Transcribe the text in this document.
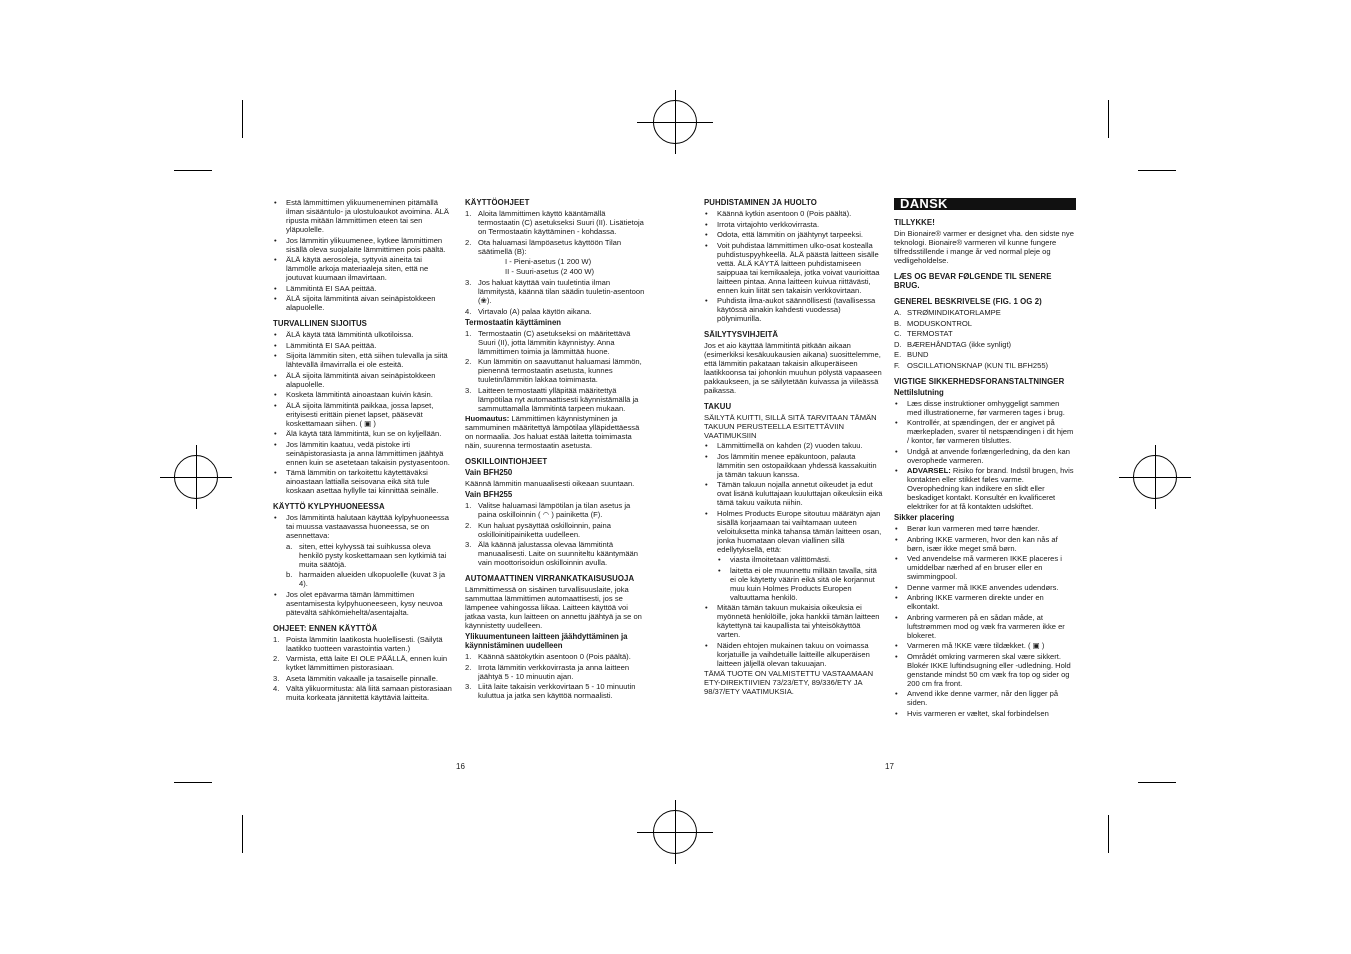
• Estä lämmittimen ylikuumeneminen pitämällä ilman sisääntulo- ja ulostuloaukot avoimina. ÄLÄ ripusta mitään lämmittimen eteen tai sen yläpuolelle.
• Jos lämmitin ylikuumenee, kytkee lämmittimen sisällä oleva suojalaite lämmittimen pois päältä.
• ÄLÄ käytä aerosoleja, syttyviä aineita tai lämmölle arkoja materiaaleja siten, että ne joutuvat kuumaan ilmavirtaan.
• Lämmitintä EI SAA peittää.
• ÄLÄ sijoita lämmitintä aivan seinäpistokkeen alapuolelle.
TURVALLINEN SIJOITUS
• ÄLÄ käytä tätä lämmitintä ulkotiloissa.
• Lämmitintä EI SAA peittää.
• Sijoita lämmitin siten, että siihen tulevalla ja siitä lähtevällä ilmavirralla ei ole esteitä.
• ÄLÄ sijoita lämmitintä aivan seinäpistokkeen alapuolelle.
• Kosketa lämmitintä ainoastaan kuivin käsin.
• ÄLÄ sijoita lämmitintä paikkaa, jossa lapset, erityisesti erittäin pienet lapset, pääsevät koskettamaan siihen. ( ▣ )
• Älä käytä tätä lämmitintä, kun se on kyljellään.
• Jos lämmitin kaatuu, vedä pistoke irti seinäpistorasiasta ja anna lämmittimen jäähtyä ennen kuin se asetetaan takaisin pystyasentoon.
• Tämä lämmitin on tarkoitettu käytettäväksi ainoastaan lattialla seisovana eikä sitä tule koskaan asettaa hyllylle tai kiinnittää seinälle.
KÄYTTÖ KYLPYHUONEESSA
• Jos lämmitintä halutaan käyttää kylpyhuoneessa tai muussa vastaavassa huoneessa, se on asennettava:
a. siten, ettei kylvyssä tai suihkussa oleva henkilö pysty koskettamaan sen kytkimiä tai muita säätöjä.
b. harmaiden alueiden ulkopuolelle (kuvat 3 ja 4).
• Jos olet epävarma tämän lämmittimen asentamisesta kylpyhuoneeseen, kysy neuvoa pätevältä sähkömieheltä/asentajalta.
OHJEET: ENNEN KÄYTTÖÄ
1. Poista lämmitin laatikosta huolellisesti. (Säilytä laatikko tuotteen varastointia varten.)
2. Varmista, että laite EI OLE PÄÄLLÄ, ennen kuin kytket lämmittimen pistorasiaan.
3. Aseta lämmitin vakaalle ja tasaiselle pinnalle.
4. Vältä ylikuormitusta: älä liitä samaan pistorasiaan muita korkeata jännitettä käyttäviä laitteita.
KÄYTTÖOHJEET
1. Aloita lämmittimen käyttö kääntämällä termostaatin (C) asetukseksi Suuri (II). Lisätietoja on Termostaatin käyttäminen - kohdassa.
2. Ota haluamasi lämpöasetus käyttöön Tilan säätimellä (B):

I - Pieni-asetus (1 200 W)

II - Suuri-asetus (2 400 W)

3. Jos haluat käyttää vain tuuletintia ilman lämmitystä, käännä tilan säädin tuuletin-asentoon (❀).
4. Virtavalo (A) palaa käytön aikana.
Termostaatin käyttäminen
1. Termostaatin (C) asetukseksi on määritettävä Suuri (II), jotta lämmitin käynnistyy. Anna lämmittimen toimia ja lämmittää huone.
2. Kun lämmitin on saavuttanut haluamasi lämmön, pienennä termostaatin asetusta, kunnes tuuletin/lämmitin lakkaa toimimasta.
3. Laitteen termostaatti ylläpitää määritettyä lämpötilaa nyt automaattisesti käynnistämällä ja sammuttamalla lämmitintä tarpeen mukaan.

Huomautus: Lämmittimen käynnistyminen ja sammuminen määritettyä lämpötilaa ylläpidettäessä on normaalia. Jos haluat estää laitetta toimimasta näin, suurenna termostaatin asetusta.

OSKILLOINTIOHJEET
Vain BFH250

Käännä lämmitin manuaalisesti oikeaan suuntaan.

Vain BFH255
1. Valitse haluamasi lämpötilan ja tilan asetus ja paina oskilloinnin ( ◠ ) painiketta (F).
2. Kun haluat pysäyttää oskilloinnin, paina oskilloinitipainiketta uudelleen.
3. Älä käännä jalustassa olevaa lämmitintä manuaalisesti. Laite on suunniteltu kääntymään vain moottorisoidun oskilloinnin avulla.
AUTOMAATTINEN VIRRANKATKAISUSUOJA

Lämmittimessä on sisäinen turvallisuuslaite, joka sammuttaa lämmittimen automaattisesti, jos se lämpenee vahingossa liikaa. Laitteen käyttöä voi jatkaa vasta, kun laitteen on annettu jäähtyä ja se on käynnistetty uudelleen.

Ylikuumentuneen laitteen jäähdyttäminen ja käynnistäminen uudelleen
1. Käännä säätökytkin asentoon 0 (Pois päältä).
2. Irrota lämmitin verkkovirrasta ja anna laitteen jäähtyä 5 - 10 minuutin ajan.
3. Liitä laite takaisin verkkovirtaan 5 - 10 minuutin kuluttua ja jatka sen käyttöä normaalisti.
PUHDISTAMINEN JA HUOLTO
• Käännä kytkin asentoon 0 (Pois päältä).
• Irrota virtajohto verkkovirrasta.
• Odota, että lämmitin on jäähtynyt tarpeeksi.
• Voit puhdistaa lämmittimen ulko-osat kostealla puhdistuspyyhkeellä. ÄLÄ päästä laitteen sisälle vettä. ÄLÄ KÄYTÄ laitteen puhdistamiseen saippuaa tai kemikaaleja, jotka voivat vaurioittaa laitteen pintaa. Anna laitteen kuivua riittävästi, ennen kuin liität sen takaisin verkkovirtaan.
• Puhdista ilma-aukot säännöllisesti (tavallisessa käytössä ainakin kahdesti vuodessa) pölynimurilla.
SÄILYTYSVIHJEITÄ

Jos et aio käyttää lämmitintä pitkään aikaan (esimerkiksi kesäkuukausien aikana) suosittelemme, että lämmitin pakataan takaisin alkuperäiseen laatikkoonsa tai johonkin muuhun pölystä vapaaseen pakkaukseen, ja se säilytetään kuivassa ja viileässä paikassa.

TAKUU

SÄILYTÄ KUITTI, SILLÄ SITÄ TARVITAAN TÄMÄN TAKUUN PERUSTEELLA ESITETTÄVIIN VAATIMUKSIIN

• Lämmittimellä on kahden (2) vuoden takuu.
• Jos lämmitin menee epäkuntoon, palauta lämmitin sen ostopaikkaan yhdessä kassakuitin ja tämän takuun kanssa.
• Tämän takuun nojalla annetut oikeudet ja edut ovat lisänä kuluttajaan kuuluttajan oikeuksiin eikä tämä takuu vaikuta niihin.
• Holmes Products Europe sitoutuu määrätyn ajan sisällä korjaamaan tai vaihtamaan uuteen veloituksetta minkä tahansa tämän laitteen osan, jonka huomataan olevan viallinen sillä edellytyksellä, että:
• viasta ilmoitetaan välittömästi.
• laitetta ei ole muunnettu millään tavalla, sitä ei ole käytetty väärin eikä sitä ole korjannut muu kuin Holmes Products Europen valtuuttama henkilö.
• Mitään tämän takuun mukaisia oikeuksia ei myönnetä henkilöille, joka hankkii tämän laitteen käytettynä tai kaupallista tai yhteisökäyttöä varten.
• Näiden ehtojen mukainen takuu on voimassa korjatuille ja vaihdetuille laitteille alkuperäisen laitteen jäljellä olevan takuuajan.

TÄMÄ TUOTE ON VALMISTETTU VASTAAMAAN ETY-DIREKTIIVIEN 73/23/ETY, 89/336/ETY JA 98/37/ETY VAATIMUKSIA.

DANSK
TILLYKKE!

Din Bionaire® varmer er designet vha. den sidste nye teknologi. Bionaire® varmeren vil kunne fungere tilfredsstillende i mange år ved normal pleje og vedligeholdelse.

LÆS OG BEVAR FØLGENDE TIL SENERE BRUG.
GENEREL BESKRIVELSE (FIG. 1 OG 2)
A. STRØMINDIKATORLAMPE
B. MODUSKONTROL
C. TERMOSTAT
D. BÆREHÅNDTAG (ikke synligt)
E. BUND
F. OSCILLATIONSKNAP (KUN TIL BFH255)
VIGTIGE SIKKERHEDSFORANSTALTNINGER
Nettilslutning
• Læs disse instruktioner omhyggeligt sammen med illustrationerne, før varmeren tages i brug.
• Kontrollér, at spændingen, der er angivet på mærkepladen, svarer til netspændingen i dit hjem / kontor, før varmeren tilsluttes.
• Undgå at anvende forlængerledning, da den kan overophede varmeren.
• ADVARSEL: Risiko for brand. Indstil brugen, hvis kontakten eller stikket føles varme. Overophedning kan indikere en slidt eller beskadiget kontakt. Konsultér en kvalificeret elektriker for at få kontakten udskiftet.
Sikker placering
• Berør kun varmeren med tørre hænder.
• Anbring IKKE varmeren, hvor den kan nås af børn, især ikke meget små børn.
• Ved anvendelse må varmeren IKKE placeres i umiddelbar nærhed af en bruser eller en swimmingpool.
• Denne varmer må IKKE anvendes udendørs.
• Anbring IKKE varmeren direkte under en elkontakt.
• Anbring varmeren på en sådan måde, at luftstrømmen mod og væk fra varmeren ikke er blokeret.
• Varmeren må !KKE være tildækket. ( ▣ )
• Områdét omkring varmeren skal være sikkert. Blokér IKKE luftindsugning eller -udledning. Hold genstande mindst 50 cm væk fra top og sider og 200 cm fra front.
• Anvend ikke denne varmer, når den ligger på siden.
• Hvis varmeren er væltet, skal forbindelsen
16	17
